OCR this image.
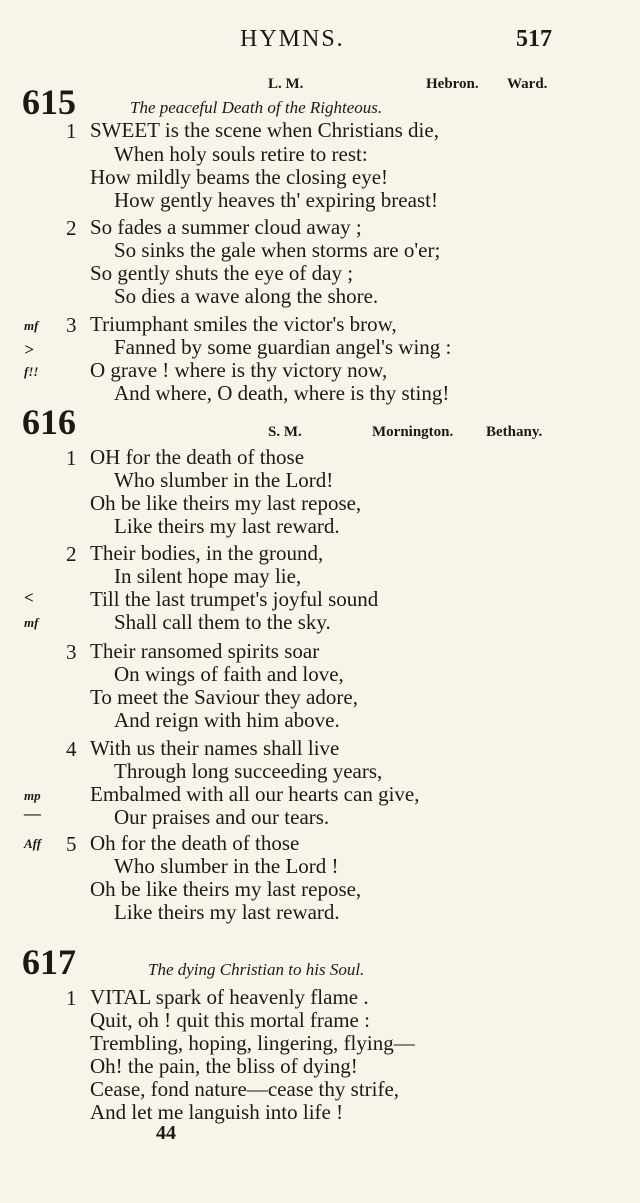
HYMNS.	517
615	L. M.	Hebron. Ward.
The peaceful Death of the Righteous.
1 SWEET is the scene when Christians die,
When holy souls retire to rest:
How mildly beams the closing eye!
How gently heaves th' expiring breast!
2 So fades a summer cloud away ;
So sinks the gale when storms are o'er;
So gently shuts the eye of day ;
So dies a wave along the shore.
mf
>
f!!
3 Triumphant smiles the victor's brow,
Fanned by some guardian angel's wing :
O grave ! where is thy victory now,
And where, O death, where is thy sting!
616	S. M.	Mornington. Bethany.
1 OH for the death of those
Who slumber in the Lord!
Oh be like theirs my last repose,
Like theirs my last reward.
2 Their bodies, in the ground,
In silent hope may lie,
<	Till the last trumpet's joyful sound
mf	Shall call them to the sky.
3 Their ransomed spirits soar
On wings of faith and love,
To meet the Saviour they adore,
And reign with him above.
4 With us their names shall live
Through long succeeding years,
mp Embalmed with all our hearts can give,
—	Our praises and our tears.
Aff 5 Oh for the death of those
Who slumber in the Lord !
Oh be like theirs my last repose,
Like theirs my last reward.
617	The dying Christian to his Soul.
1 VITAL spark of heavenly flame .
Quit, oh ! quit this mortal frame :
Trembling, hoping, lingering, flying—
Oh! the pain, the bliss of dying!
Cease, fond nature—cease thy strife,
And let me languish into life !
44
